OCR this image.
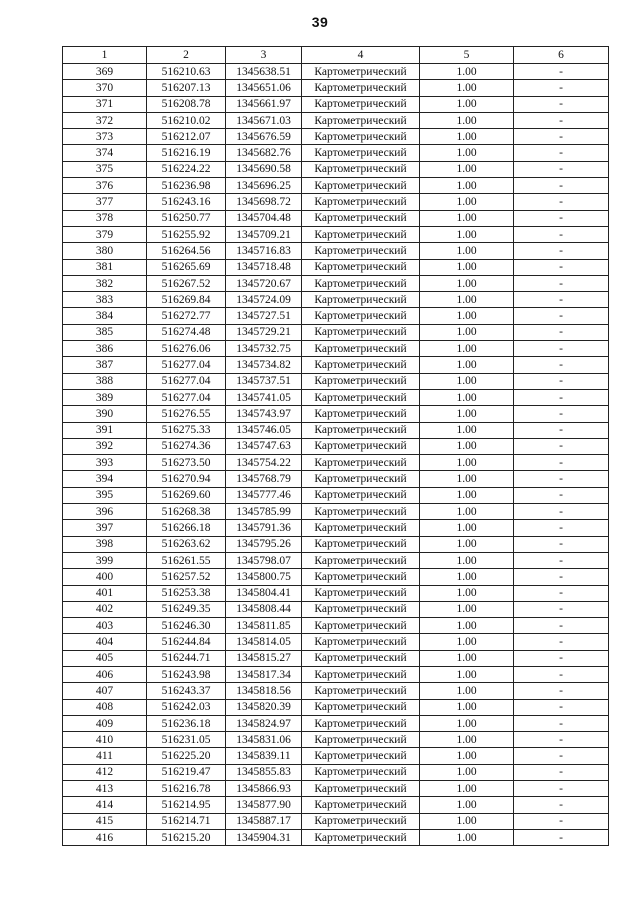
39
1	2	3	4	5	6
369	516210.63	1345638.51	Картометрический	1.00	-
370	516207.13	1345651.06	Картометрический	1.00	-
371	516208.78	1345661.97	Картометрический	1.00	-
372	516210.02	1345671.03	Картометрический	1.00	-
373	516212.07	1345676.59	Картометрический	1.00	-
374	516216.19	1345682.76	Картометрический	1.00	-
375	516224.22	1345690.58	Картометрический	1.00	-
376	516236.98	1345696.25	Картометрический	1.00	-
377	516243.16	1345698.72	Картометрический	1.00	-
378	516250.77	1345704.48	Картометрический	1.00	-
379	516255.92	1345709.21	Картометрический	1.00	-
380	516264.56	1345716.83	Картометрический	1.00	-
381	516265.69	1345718.48	Картометрический	1.00	-
382	516267.52	1345720.67	Картометрический	1.00	-
383	516269.84	1345724.09	Картометрический	1.00	-
384	516272.77	1345727.51	Картометрический	1.00	-
385	516274.48	1345729.21	Картометрический	1.00	-
386	516276.06	1345732.75	Картометрический	1.00	-
387	516277.04	1345734.82	Картометрический	1.00	-
388	516277.04	1345737.51	Картометрический	1.00	-
389	516277.04	1345741.05	Картометрический	1.00	-
390	516276.55	1345743.97	Картометрический	1.00	-
391	516275.33	1345746.05	Картометрический	1.00	-
392	516274.36	1345747.63	Картометрический	1.00	-
393	516273.50	1345754.22	Картометрический	1.00	-
394	516270.94	1345768.79	Картометрический	1.00	-
395	516269.60	1345777.46	Картометрический	1.00	-
396	516268.38	1345785.99	Картометрический	1.00	-
397	516266.18	1345791.36	Картометрический	1.00	-
398	516263.62	1345795.26	Картометрический	1.00	-
399	516261.55	1345798.07	Картометрический	1.00	-
400	516257.52	1345800.75	Картометрический	1.00	-
401	516253.38	1345804.41	Картометрический	1.00	-
402	516249.35	1345808.44	Картометрический	1.00	-
403	516246.30	1345811.85	Картометрический	1.00	-
404	516244.84	1345814.05	Картометрический	1.00	-
405	516244.71	1345815.27	Картометрический	1.00	-
406	516243.98	1345817.34	Картометрический	1.00	-
407	516243.37	1345818.56	Картометрический	1.00	-
408	516242.03	1345820.39	Картометрический	1.00	-
409	516236.18	1345824.97	Картометрический	1.00	-
410	516231.05	1345831.06	Картометрический	1.00	-
411	516225.20	1345839.11	Картометрический	1.00	-
412	516219.47	1345855.83	Картометрический	1.00	-
413	516216.78	1345866.93	Картометрический	1.00	-
414	516214.95	1345877.90	Картометрический	1.00	-
415	516214.71	1345887.17	Картометрический	1.00	-
416	516215.20	1345904.31	Картометрический	1.00	-
